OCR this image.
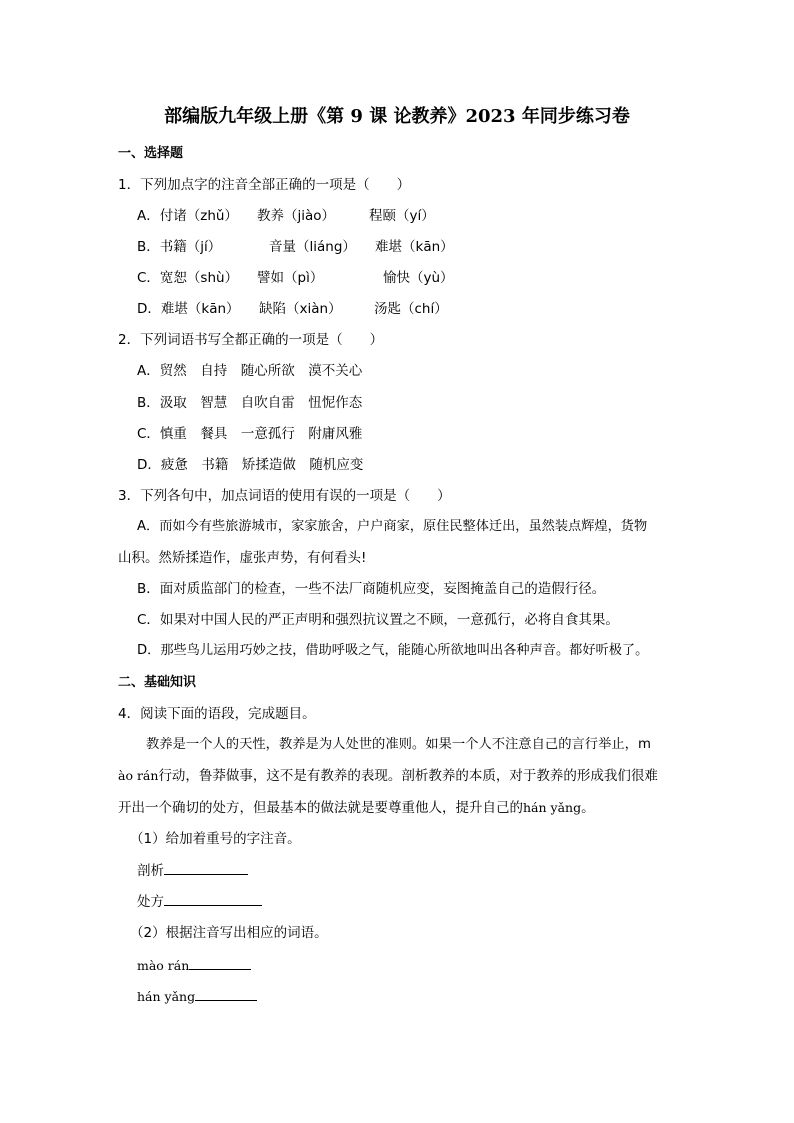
部编版九年级上册《第 9 课 论教养》2023 年同步练习卷
一、选择题
1．下列加点字的注音全部正确的一项是（　　）
A．付诸（zhǔ） 教养（jiào）	程颐（yí）
B．书籍（jí）	音量（liáng） 难堪（kān）
C．宽恕（shù） 譬如（pì）	愉快（yù）
D．难堪（kān） 缺陷（xiàn） 汤匙（chí）
2．下列词语书写全都正确的一项是（　　）
A．贸然　自持　随心所欲　漠不关心
B．汲取　智慧　自吹自雷　忸怩作态
C．慎重　餐具　一意孤行　附庸风雅
D．疲惫　书籍　矫揉造做　随机应变
3．下列各句中，加点词语的使用有误的一项是（　　）
A．而如今有些旅游城市，家家旅舍，户户商家，原住民整体迁出，虽然装点辉煌，货物
山积。然矫揉造作，虚张声势，有何看头!
B．面对质监部门的检查，一些不法厂商随机应变，妄图掩盖自己的造假行径。
C．如果对中国人民的严正声明和强烈抗议置之不顾，一意孤行，必将自食其果。
D．那些鸟儿运用巧妙之技，借助呼吸之气，能随心所欲地叫出各种声音。都好听极了。
二、基础知识
4．阅读下面的语段，完成题目。
教养是一个人的天性，教养是为人处世的准则。如果一个人不注意自己的言行举止，m
ào rán行动，鲁莽做事，这不是有教养的表现。剖析教养的本质，对于教养的形成我们很难
开出一个确切的处方，但最基本的做法就是要尊重他人，提升自己的hán yǎng。
（1）给加着重号的字注音。
剖析
处方
（2）根据注音写出相应的词语。
mào rán
hán yǎng
